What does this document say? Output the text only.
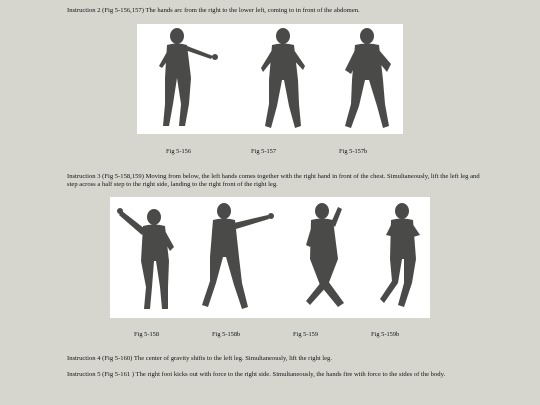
Instruction 2 (Fig 5-156,157) The hands arc from the right to the lower left, coming to in front of the abdomen.

Fig 5-156	Fig 5-157	Fig 5-157b

Instruction 3 (Fig 5-158,159) Moving from below, the left hands comes together with the right hand in front of the chest. Simultaneously, lift the left leg and step across a half step to the right side, landing to the right front of the right leg.

Fig 5-158	Fig 5-158b	Fig 5-159	Fig 5-159b

Instruction 4 (Fig 5-160) The center of gravity shifts to the left leg. Simultaneously, lift the right leg.

Instruction 5 (Fig 5-161 ) The right foot kicks out with force to the right side. Simultaneously, the hands fire with force to the sides of the body.
